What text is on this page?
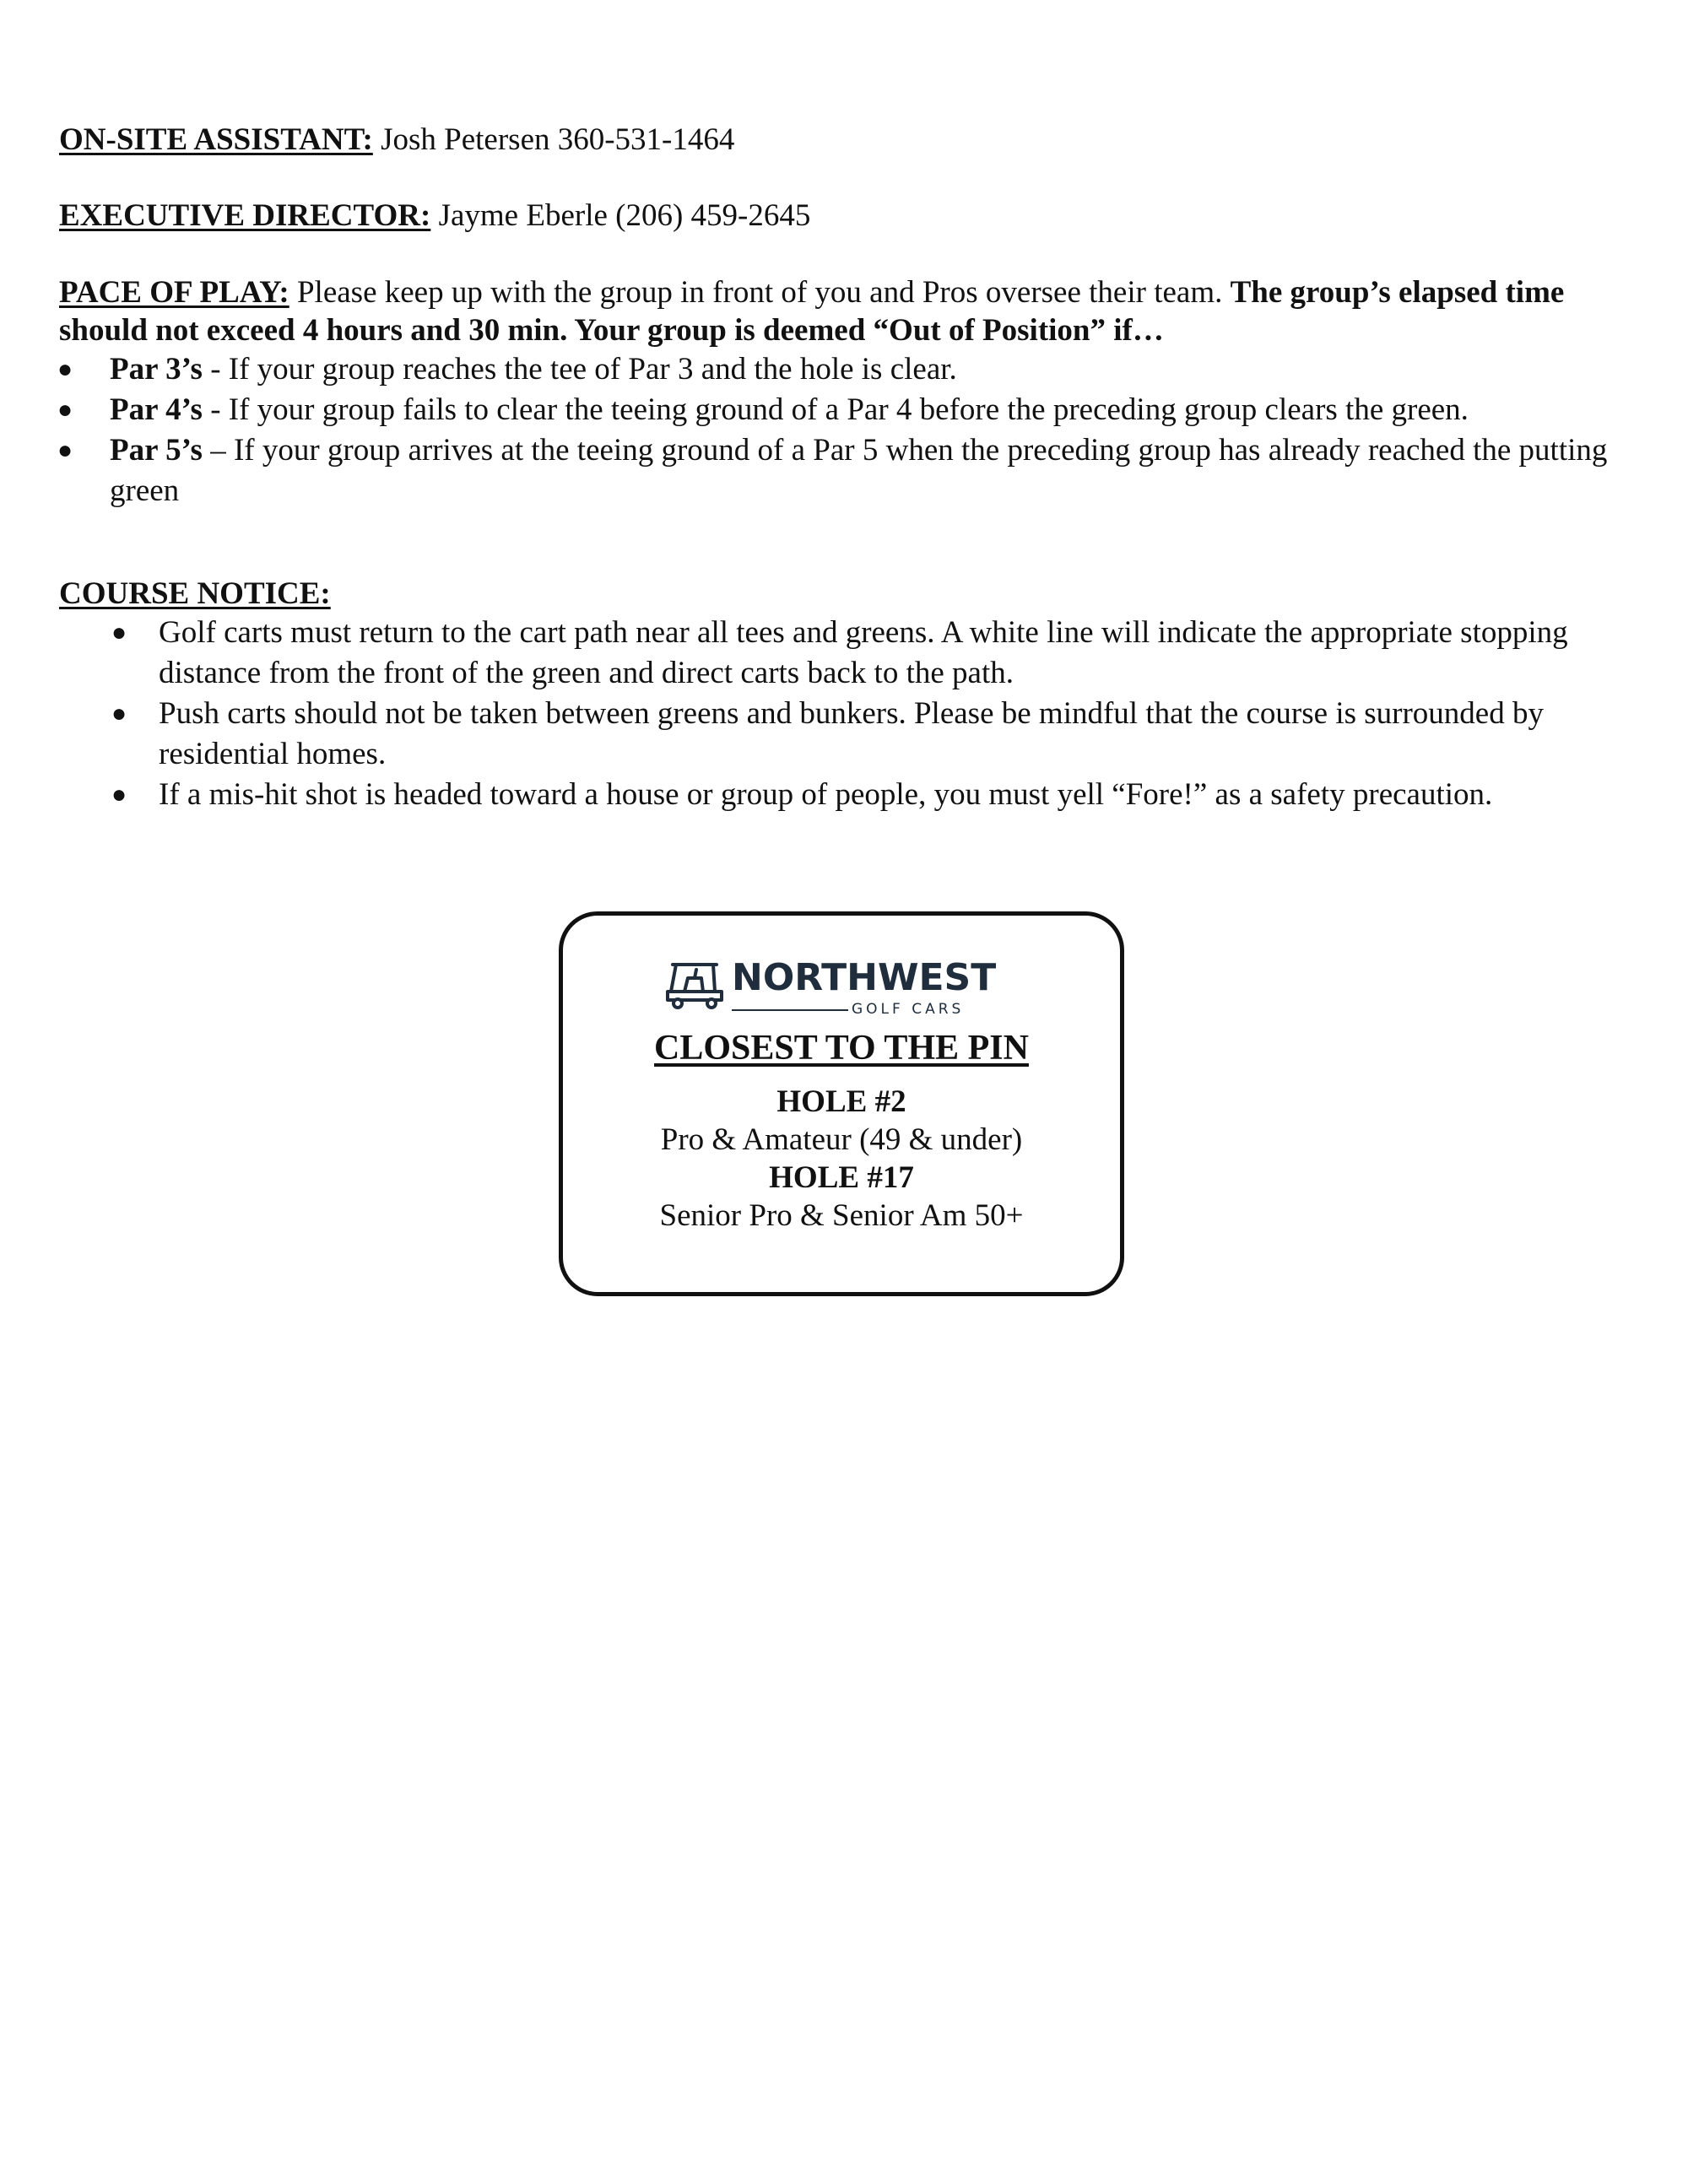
ON-SITE ASSISTANT: Josh Petersen 360-531-1464
EXECUTIVE DIRECTOR: Jayme Eberle (206) 459-2645
PACE OF PLAY: Please keep up with the group in front of you and Pros oversee their team. The group’s elapsed time should not exceed 4 hours and 30 min. Your group is deemed “Out of Position” if…
● Par 3’s - If your group reaches the tee of Par 3 and the hole is clear.
● Par 4’s - If your group fails to clear the teeing ground of a Par 4 before the preceding group clears the green.
● Par 5’s – If your group arrives at the teeing ground of a Par 5 when the preceding group has already reached the putting green
COURSE NOTICE:
● Golf carts must return to the cart path near all tees and greens. A white line will indicate the appropriate stopping distance from the front of the green and direct carts back to the path.
● Push carts should not be taken between greens and bunkers. Please be mindful that the course is surrounded by residential homes.
● If a mis-hit shot is headed toward a house or group of people, you must yell “Fore!” as a safety precaution.
NORTHWEST
GOLF CARS
CLOSEST TO THE PIN
HOLE #2
Pro & Amateur (49 & under)
HOLE #17
Senior Pro & Senior Am 50+
